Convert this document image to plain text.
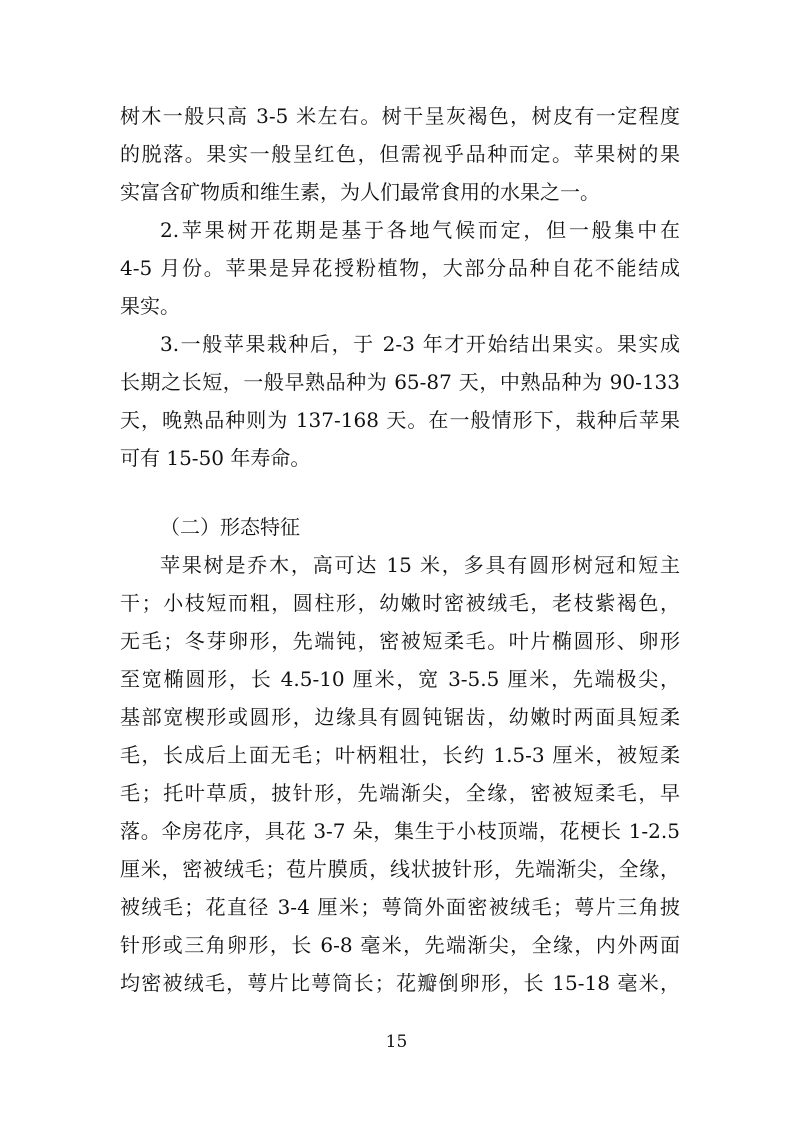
树木一般只高 3-5 米左右。树干呈灰褐色，树皮有一定程度
的脱落。果实一般呈红色，但需视乎品种而定。苹果树的果
实富含矿物质和维生素，为人们最常食用的水果之一。
2.苹果树开花期是基于各地气候而定，但一般集中在
4-5 月份。苹果是异花授粉植物，大部分品种自花不能结成
果实。
3.一般苹果栽种后，于 2-3 年才开始结出果实。果实成
长期之长短，一般早熟品种为 65-87 天，中熟品种为 90-133
天，晚熟品种则为 137-168 天。在一般情形下，栽种后苹果
可有 15-50 年寿命。
（二）形态特征
苹果树是乔木，高可达 15 米，多具有圆形树冠和短主
干；小枝短而粗，圆柱形，幼嫩时密被绒毛，老枝紫褐色，
无毛；冬芽卵形，先端钝，密被短柔毛。叶片椭圆形、卵形
至宽椭圆形，长 4.5-10 厘米，宽 3-5.5 厘米，先端极尖，
基部宽楔形或圆形，边缘具有圆钝锯齿，幼嫩时两面具短柔
毛，长成后上面无毛；叶柄粗壮，长约 1.5-3 厘米，被短柔
毛；托叶草质，披针形，先端渐尖，全缘，密被短柔毛，早
落。伞房花序，具花 3-7 朵，集生于小枝顶端，花梗长 1-2.5
厘米，密被绒毛；苞片膜质，线状披针形，先端渐尖，全缘，
被绒毛；花直径 3-4 厘米；萼筒外面密被绒毛；萼片三角披
针形或三角卵形，长 6-8 毫米，先端渐尖，全缘，内外两面
均密被绒毛，萼片比萼筒长；花瓣倒卵形，长 15-18 毫米，
15
